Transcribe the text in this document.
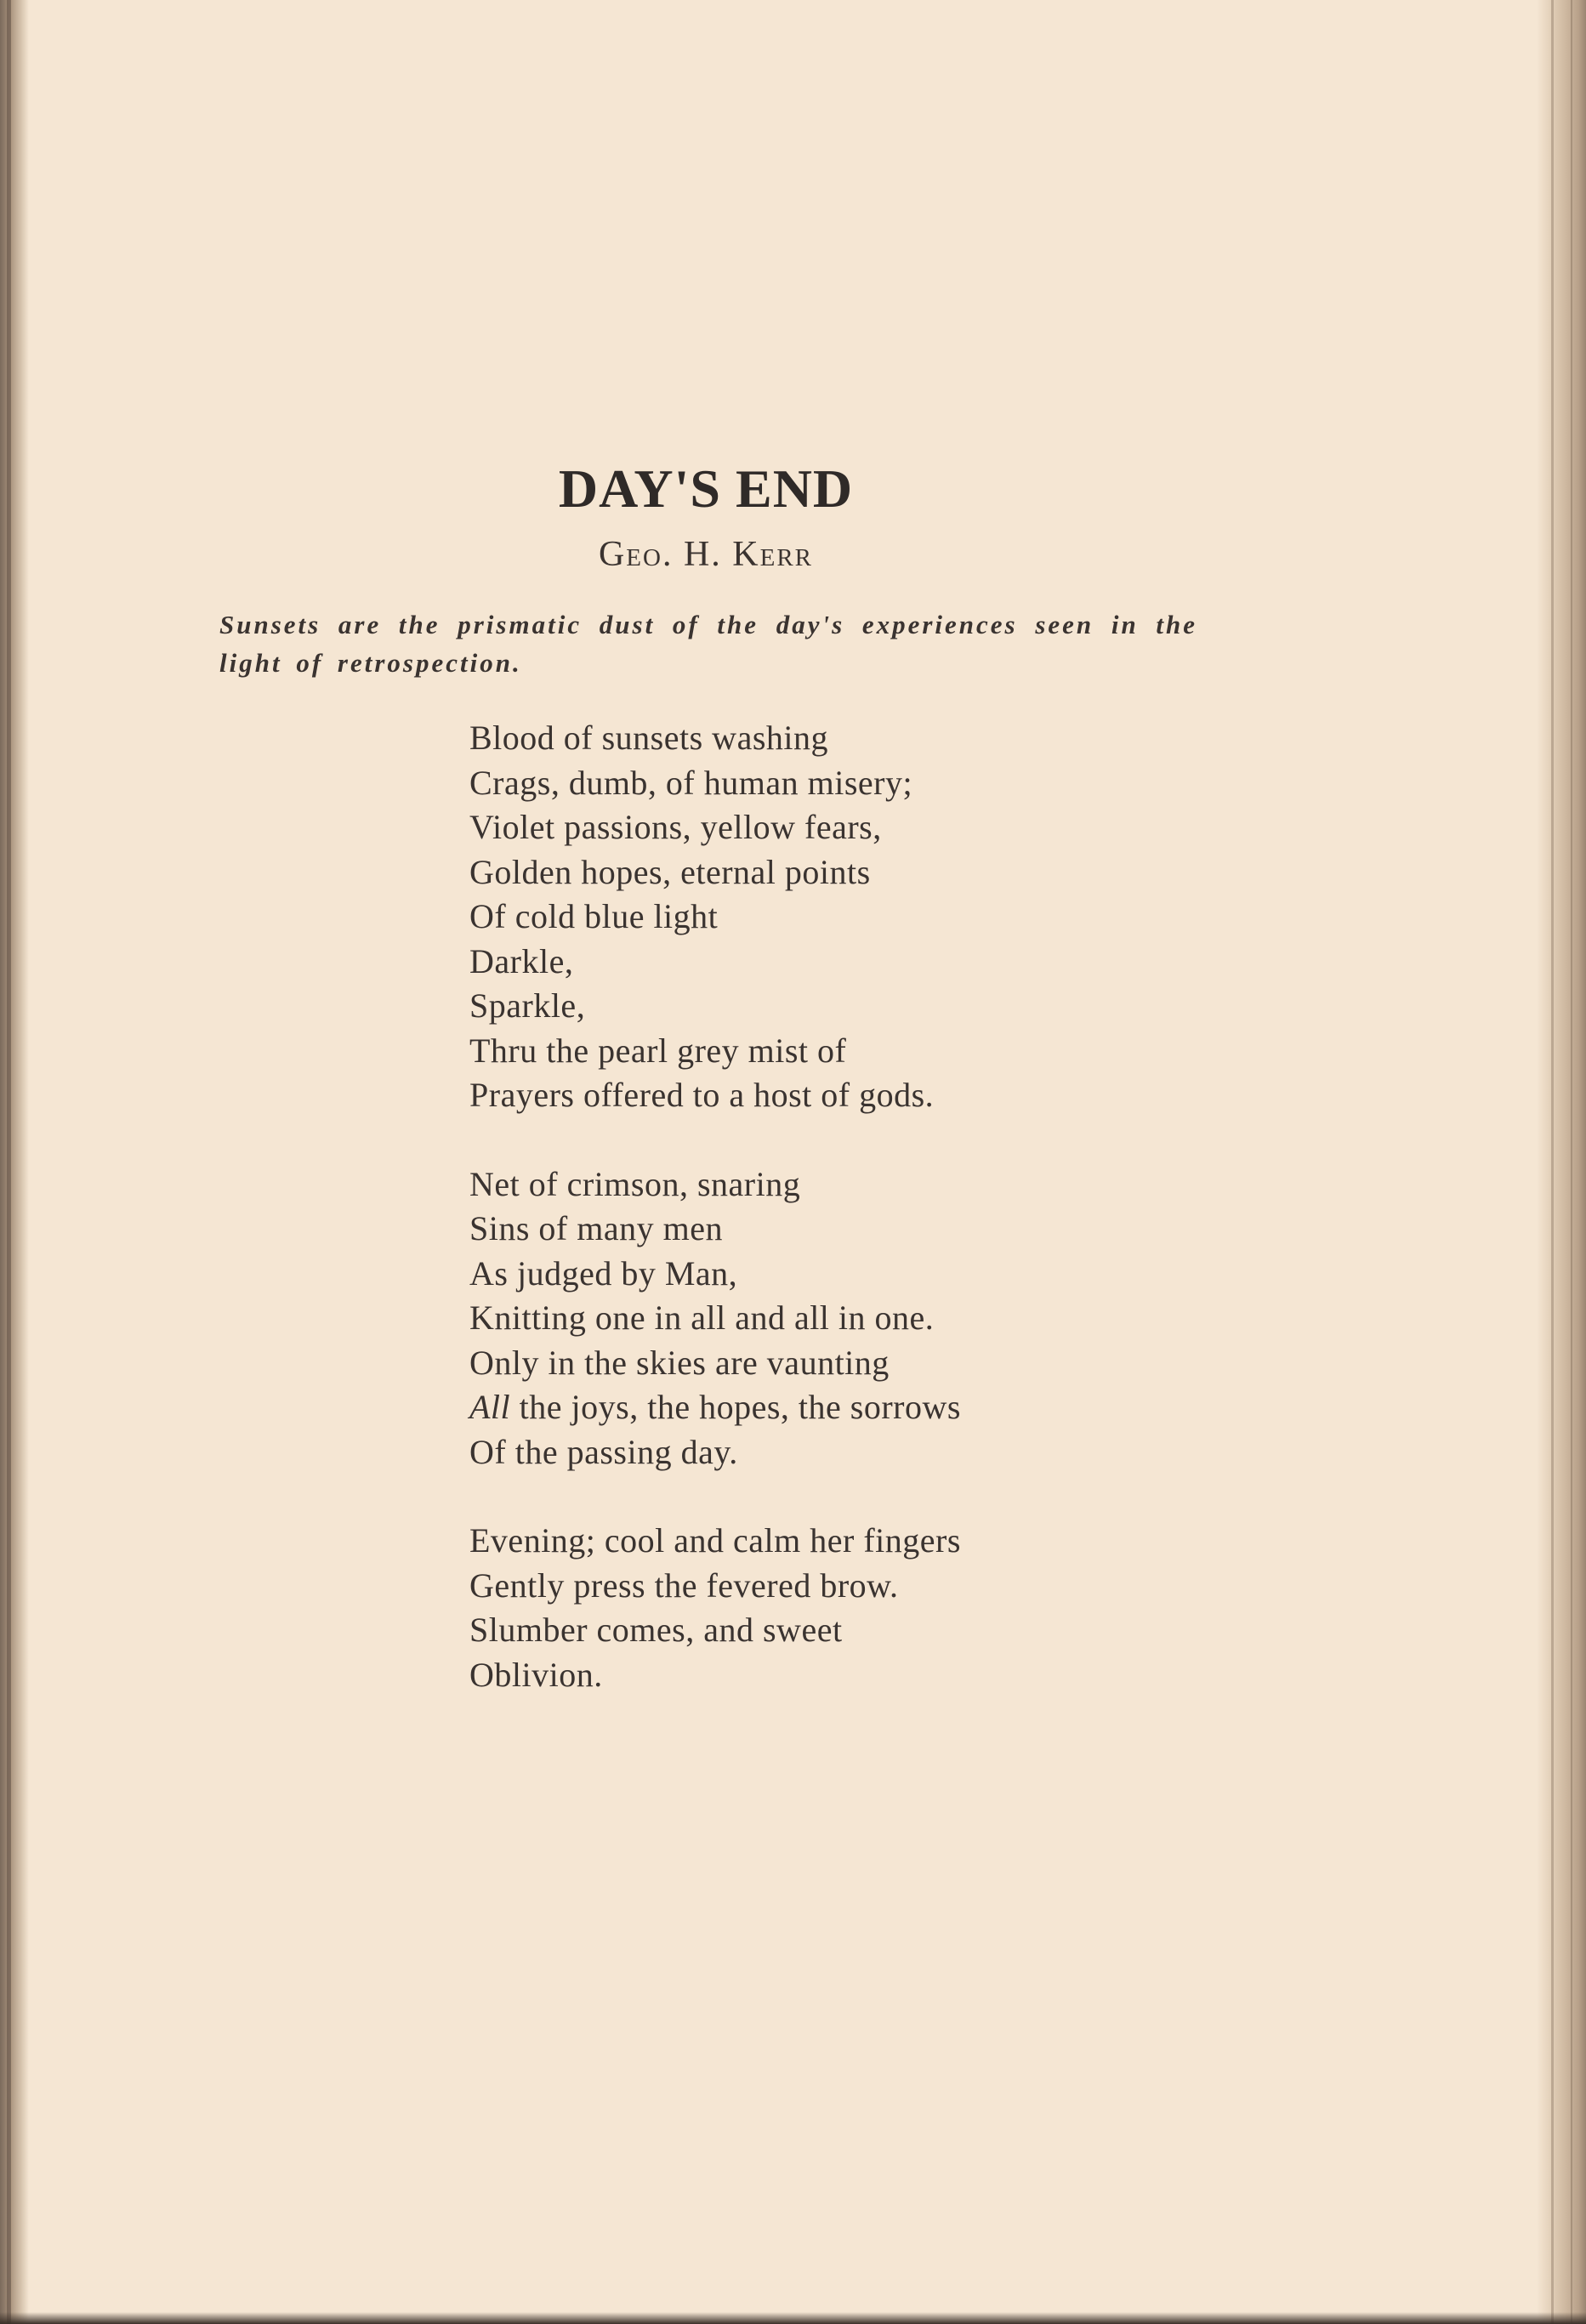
DAY'S END

Geo. H. Kerr

Sunsets are the prismatic dust of the day's experiences seen in the light of retrospection.

Blood of sunsets washing
Crags, dumb, of human misery;
Violet passions, yellow fears,
Golden hopes, eternal points
Of cold blue light
Darkle,
Sparkle,
Thru the pearl grey mist of
Prayers offered to a host of gods.
Net of crimson, snaring
Sins of many men
As judged by Man,
Knitting one in all and all in one.
Only in the skies are vaunting
All the joys, the hopes, the sorrows
Of the passing day.
Evening; cool and calm her fingers
Gently press the fevered brow.
Slumber comes, and sweet
Oblivion.
